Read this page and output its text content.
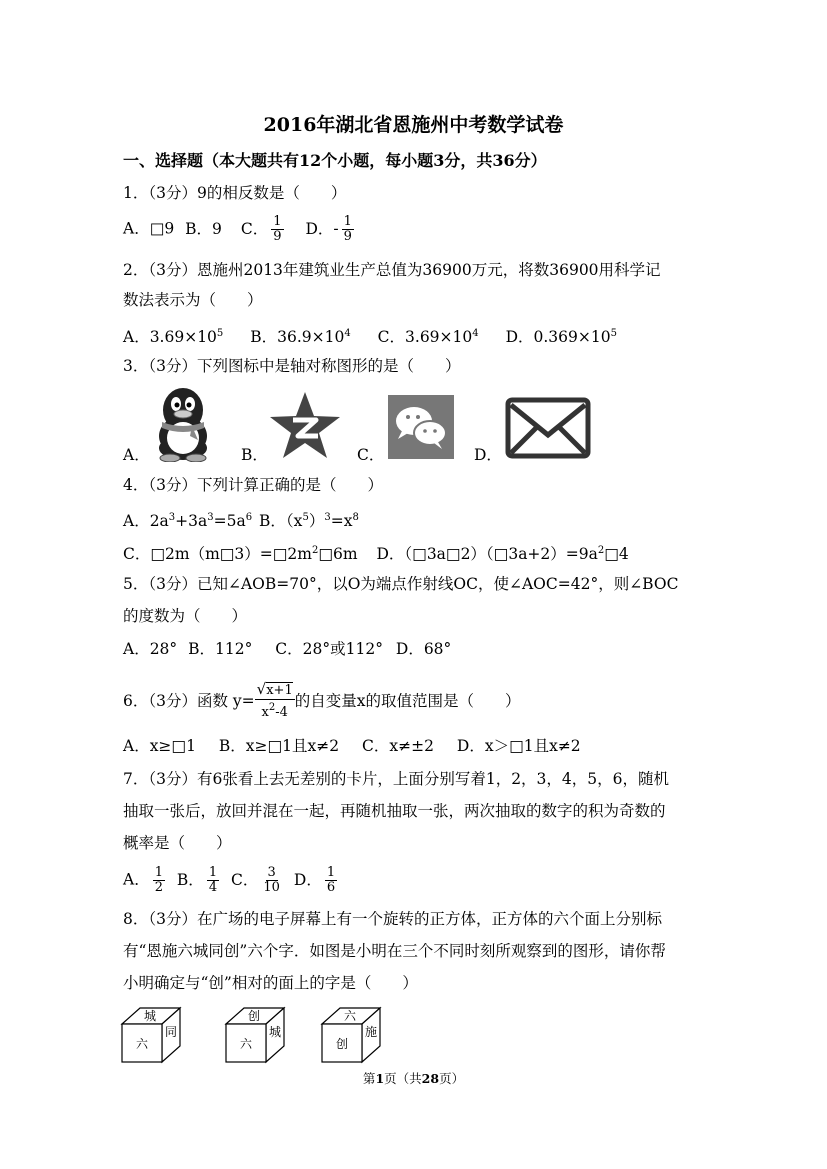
2016年湖北省恩施州中考数学试卷
一、选择题（本大题共有12个小题，每小题3分，共36分）
1．（3分）9的相反数是（　　）
A．□9 B．9 C． $\frac{1}{9}$ D．- $\frac{1}{9}$
2．（3分）恩施州2013年建筑业生产总值为36900万元，将数36900用科学记
数法表示为（　　）
A．$3.69\times 10^5$ B．$36.9\times 10^4$ C．$3.69\times 10^4$ D．$0.369\times 10^5$
3．（3分）下列图标中是轴对称图形的是（　　）
A．	B．	C．	D．
4．（3分）下列计算正确的是（　　）
A．$2a^3+3a^3=5a^6$ B．$(x^5)^3=x^8$
C．$□2m(m□3)=□2m^2□6m$ D．$(□3a□2)(□3a+2)=9a^2□4$
5．（3分）已知∠AOB=70°，以O为端点作射线OC，使∠AOC=42°，则∠BOC
的度数为（　　）
A．28° B．112° C．28°或112° D．68°
6．（3分）函数 $y= \frac{√x+1}{x^2-4}$ 的自变量x的取值范围是（　　）
A．x≥□1 B．x≥□1且x≠2 C．x≠±2 D．x＞□1且x≠2
7．（3分）有6张看上去无差别的卡片，上面分别写着1，2，3，4，5，6，随机
抽取一张后，放回并混在一起，再随机抽取一张，两次抽取的数字的积为奇数的
概率是（　　）
A． $\frac{1}{2}$ B． $\frac{1}{4}$ C． $\frac{3}{10}$ D． $\frac{1}{6}$
8．（3分）在广场的电子屏幕上有一个旋转的正方体，正方体的六个面上分别标
有“恩施六城同创”六个字．如图是小明在三个不同时刻所观察到的图形，请你帮
小明确定与“创”相对的面上的字是（　　）
城
同
六
创
城
六
六
施
创
第1页（共28页）
